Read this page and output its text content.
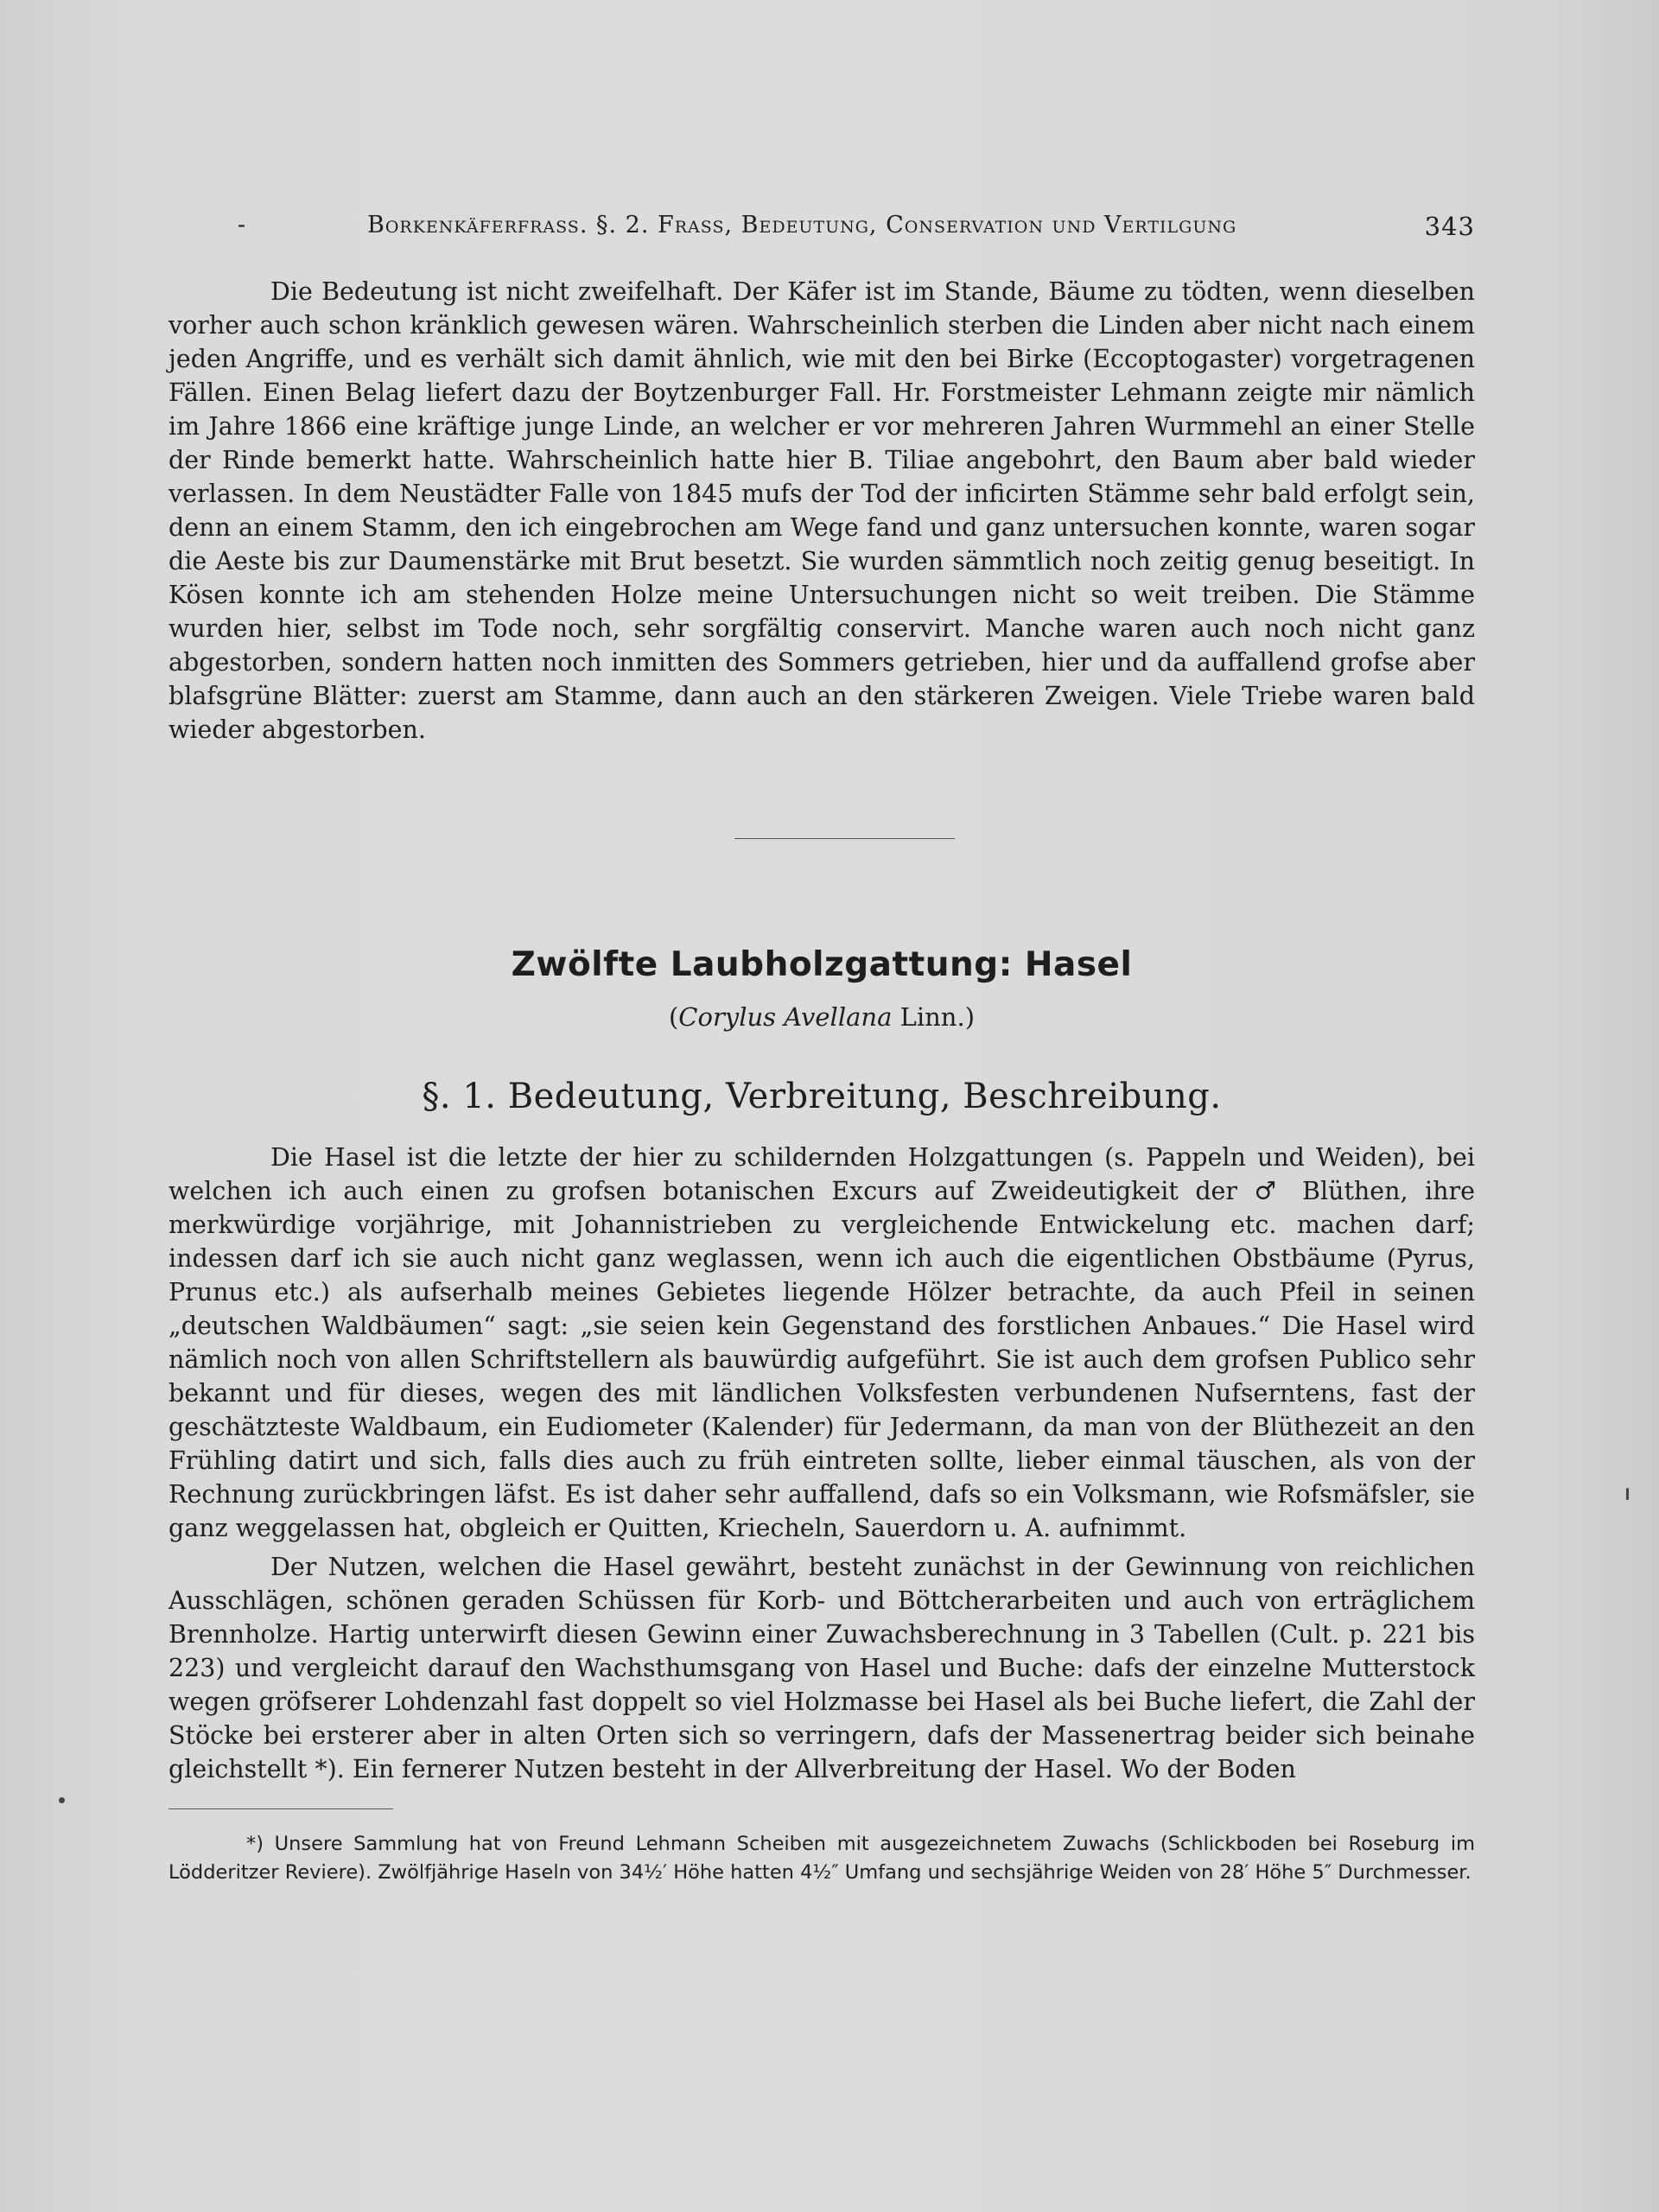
-	Borkenkäferfrass. §. 2. Frass, Bedeutung, Conservation und Vertilgung	343

Die Bedeutung ist nicht zweifelhaft. Der Käfer ist im Stande, Bäume zu tödten, wenn dieselben vorher auch schon kränklich gewesen wären. Wahrscheinlich sterben die Linden aber nicht nach einem jeden Angriffe, und es verhält sich damit ähnlich, wie mit den bei Birke (Eccoptogaster) vorgetragenen Fällen. Einen Belag liefert dazu der Boytzenburger Fall. Hr. Forstmeister Lehmann zeigte mir nämlich im Jahre 1866 eine kräftige junge Linde, an welcher er vor mehreren Jahren Wurmmehl an einer Stelle der Rinde bemerkt hatte. Wahrscheinlich hatte hier B. Tiliae angebohrt, den Baum aber bald wieder verlassen. In dem Neustädter Falle von 1845 mufs der Tod der inficirten Stämme sehr bald erfolgt sein, denn an einem Stamm, den ich eingebrochen am Wege fand und ganz untersuchen konnte, waren sogar die Aeste bis zur Daumenstärke mit Brut besetzt. Sie wurden sämmtlich noch zeitig genug beseitigt. In Kösen konnte ich am stehenden Holze meine Untersuchungen nicht so weit treiben. Die Stämme wurden hier, selbst im Tode noch, sehr sorgfältig conservirt. Manche waren auch noch nicht ganz abgestorben, sondern hatten noch inmitten des Sommers getrieben, hier und da auffallend grofse aber blafsgrüne Blätter: zuerst am Stamme, dann auch an den stärkeren Zweigen. Viele Triebe waren bald wieder abgestorben.

Zwölfte Laubholzgattung: Hasel
(Corylus Avellana Linn.)
§. 1. Bedeutung, Verbreitung, Beschreibung.

Die Hasel ist die letzte der hier zu schildernden Holzgattungen (s. Pappeln und Weiden), bei welchen ich auch einen zu grofsen botanischen Excurs auf Zweideutigkeit der ♂ Blüthen, ihre merkwürdige vorjährige, mit Johannistrieben zu vergleichende Entwickelung etc. machen darf; indessen darf ich sie auch nicht ganz weglassen, wenn ich auch die eigentlichen Obstbäume (Pyrus, Prunus etc.) als aufserhalb meines Gebietes liegende Hölzer betrachte, da auch Pfeil in seinen „deutschen Waldbäumen“ sagt: „sie seien kein Gegenstand des forstlichen Anbaues.“ Die Hasel wird nämlich noch von allen Schriftstellern als bauwürdig aufgeführt. Sie ist auch dem grofsen Publico sehr bekannt und für dieses, wegen des mit ländlichen Volksfesten verbundenen Nufserntens, fast der geschätzteste Waldbaum, ein Eudiometer (Kalender) für Jedermann, da man von der Blüthezeit an den Frühling datirt und sich, falls dies auch zu früh eintreten sollte, lieber einmal täuschen, als von der Rechnung zurückbringen läfst. Es ist daher sehr auffallend, dafs so ein Volksmann, wie Rofsmäfsler, sie ganz weggelassen hat, obgleich er Quitten, Kriecheln, Sauerdorn u. A. aufnimmt.

Der Nutzen, welchen die Hasel gewährt, besteht zunächst in der Gewinnung von reichlichen Ausschlägen, schönen geraden Schüssen für Korb- und Böttcherarbeiten und auch von erträglichem Brennholze. Hartig unterwirft diesen Gewinn einer Zuwachsberechnung in 3 Tabellen (Cult. p. 221 bis 223) und vergleicht darauf den Wachsthumsgang von Hasel und Buche: dafs der einzelne Mutterstock wegen gröfserer Lohdenzahl fast doppelt so viel Holzmasse bei Hasel als bei Buche liefert, die Zahl der Stöcke bei ersterer aber in alten Orten sich so verringern, dafs der Massenertrag beider sich beinahe gleichstellt *). Ein fernerer Nutzen besteht in der Allverbreitung der Hasel. Wo der Boden

*) Unsere Sammlung hat von Freund Lehmann Scheiben mit ausgezeichnetem Zuwachs (Schlickboden bei Roseburg im Lödderitzer Reviere). Zwölfjährige Haseln von 34½′ Höhe hatten 4½″ Umfang und sechsjährige Weiden von 28′ Höhe 5″ Durchmesser.
